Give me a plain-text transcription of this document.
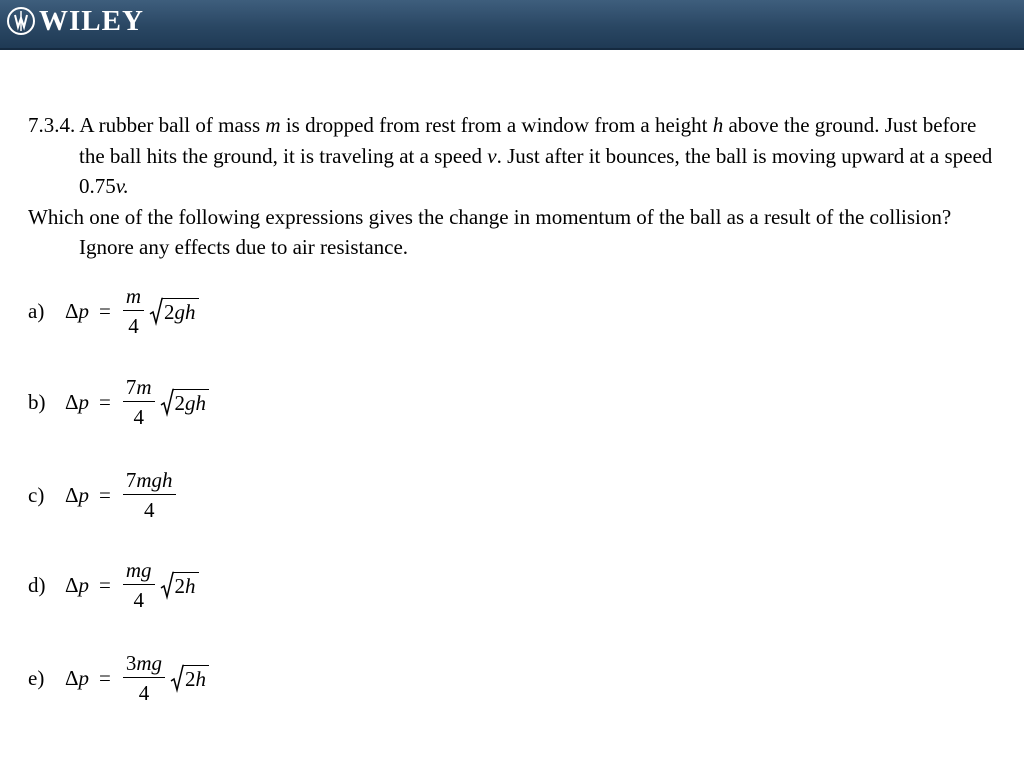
WILEY

7.3.4. A rubber ball of mass m is dropped from rest from a window from a height h above the ground. Just before the ball hits the ground, it is traveling at a speed v. Just after it bounces, the ball is moving upward at a speed 0.75v.

Which one of the following expressions gives the change in momentum of the ball as a result of the collision? Ignore any effects due to air resistance.

a) Δ $p = \frac{m}{4} 2gh$
b) Δ $p = \frac{7m}{4} 2gh$
c) Δ $p = \frac{\text{7mgh}}{4}$
d) Δ $p = \frac{mg}{4} 2h$
e) Δ $p = \frac{3mg}{4} 2h$
